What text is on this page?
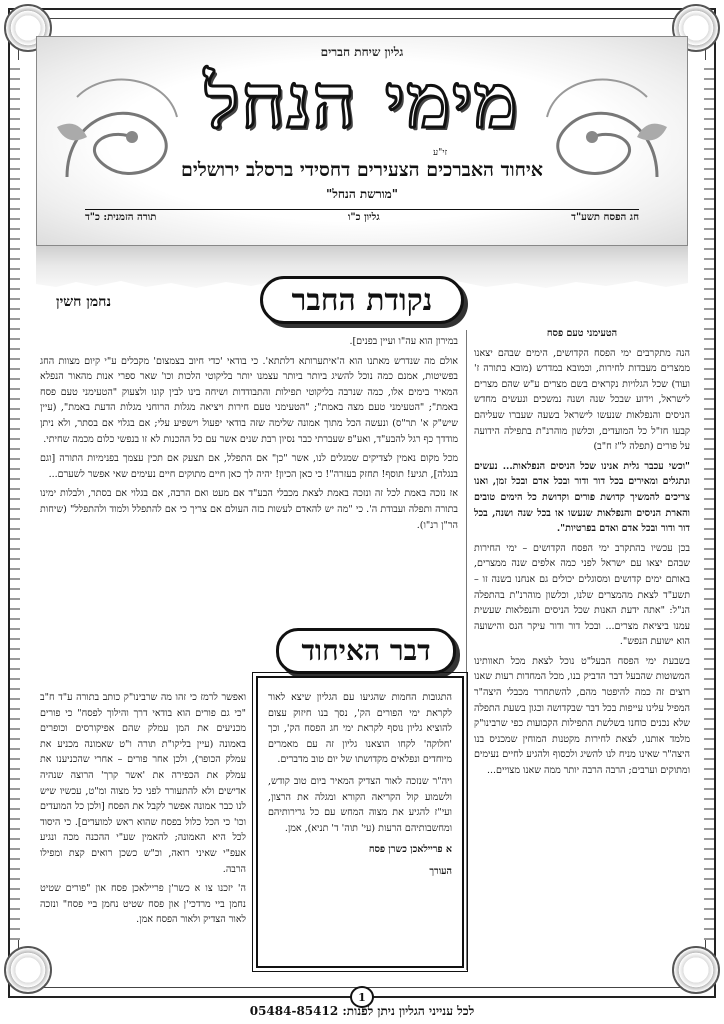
גליון שיחת חברים
מימי הנחל
זי"ע
איחוד האברכים הצעירים דחסידי ברסלב ירושלים
"מורשת הנחל"
חג הפסח תשע"ד
גליון כ"ו
תורה הזמנית: כ"ד
נקודת החבר
נחמן חשין
הטעימני טעם פסח

הנה מתקרבים ימי הפסח הקדושים, הימים שבהם יצאנו ממצרים מעבדות לחירות, וכמובא במדרש (מובא בתורה ז' ועוד) שכל הגלויות נקראים בשם מצרים ע"ש שהם מצרים לישראל, וידוע שבכל שנה ושנה נמשכים ונעשים מחדש הניסים והנפלאות שנעשו לישראל בשעה שעברו שעליהם קבעו חז"ל כל המועדים, וכלשון מוהרנ"ת בתפילה הידועה על פורים (תפלה ל"ז ח"ב)

"וכשי עכבר גלית אנינו שכל הניסים הנפלאות... נעשים ונתגלים ומאירים בכל דור ודור ובכל אדם ובכל זמן, ואנו צריכים להמשיך קדושת פורים וקדושת כל הימים טובים והארת הניסים והנפלאות שנעשו או בכל שנה ושנה, בכל דור ודור ובכל אדם ואדם בפרטיות".

בכן עכשיו בהתקרב ימי הפסח הקדושים – ימי החירות שבהם יצאו עם ישראל לפני כמה אלפים שנה ממצרים, באותם ימים קדושים ומסוגלים יכולים גם אנחנו בשנה זו – תשע"ד לצאת מהמצרים שלנו, וכלשון מוהרנ"ת בהתפלה הנ"ל: "אתה ידעת האנות שכל הניסים והנפלאות שעשית עמנו ביציאת מצרים... ובכל דור ודור עיקר הנס והישועה הוא ישועת הנפש".

בשבעת ימי הפסח הבעל"ט נוכל לצאת מכל תאוותינו המשוטות שהבעל דבר הדביק בנו, מכל המחדות רעות שאנו רוצים זה כמה להיפטר מהם, להשתחרר מכבלי היצה"ר המפיל עלינו עייפות בכל דבר שבקדושה וכגון בשעת התפלה שלא נכנים כוחנו בשלשת התפילות הקבועות כפי שרבינו"ק מלמד אותנו, לצאת לחירות מקטנות המוחין שמכניס בנו היצה"ר שאינו מניח לנו להשיג ולכסוף ולהגיע לחיים נעימים ומתוקים וערבים; הרבה הרבה יותר ממה שאנו מצויים...

במירון הוא עה"ו ועיין בפנים].

אולם מה שנדרש מאתנו הוא ה'איתערותא דלתתא'. כי בודאי 'כדי חיוב בצמצום' מקבלים ע"י קיום מצוות החג בפשיטות, אמנם כמה נוכל להשיג ביותר ביותר עצמנו יותר בליקוטי הלכות וכו' שאר ספרי אנות מהאור הנפלא המאיר בימים אלו, כמה שנרבה בליקוטי תפילות והתבודדות ושיחה בינו לבין קונו ולצעוק "הטעימני טעם פסח באמת"; "הטעימני טעם מצה באמת"; "הטעימני טעם חירות ויציאה מגלות הרוחני מגלות הדעת באמת", (עיין שיש"ק א' תר"ס) ונעשה הכל מתוך אמונה שלימה שזה בודאי יפעול וישפיע עלי; אם בגלוי אם בסתר, ולא ניתן מודדך כף רגל להבע"ד, ואע"פ שעברתי כבר נסיון רבת שנים אשר עם כל ההכנות לא זו בנפשי כלום מכמה שחיתי.

מכל מקום נאמין לצדיקים שמגלים לנו, אשר "כן" אם התפלל, אם תצעק אם תכין עצמך בפנימיות התורה [וגם בנגלה], תגיע! תוסף! תחזק בעזרה"! כי כאן הכיון! יהיה לך כאן חיים מתוקים חיים נעימים שאי אפשר לשערם...

אז נזכה באמת לכל זה ונזכה באמת לצאת מכבלי הבע"ד אם מעט ואם הרבה, אם בגלוי אם בסתר, ולבלות ימינו בתורה ותפלה ועבודת ה'. כי "מה יש להאדם לעשות בזה העולם אם צריך כי אם להתפלל ולמוד ולהתפלל" (שיחות הר"ן רנ"ו).

דבר האיחוד

ואפשר לרמז כי זהו מה שרבינו"ק כותב בתורה ע"ד ח"ב "כי גם פורים הוא בודאי דרך והילוך לפסח" כי פורים מכניעים את המן עמלק שהם אפיקורסים וכופרים באמונה (עיין בליקו"ת תורה ו"ט שאמונה מכניע את עמלק הכופר), ולכן אחר פורים – אחרי שהכניענו את עמלק את הכפירה את 'אשר קרך' הרוצה שנהיה אדישים ולא להתעורר לפני כל מצוה ומ"ט, עכשיו שיש לנו כבר אמונה אפשר לקבל את הפסח [ולכן כל המועדים וכו' כי הכל כלול בפסח שהוא ראש למועדים]. כי היסוד לכל היא האמונה; להאמין שע"י ההכנה מכה ונגיע אעפ"י שאיני רואה, וכ"ש כשכן רואים קצת ומפילו הרבה.

ה' יזכנו צו א כשר'ן פריילאכן פסח און "פורים שטיט נחמן ביי מרדכי'ן און פסח שטיט נחמן ביי פסח" ונזכה לאור הצדיק ולאור הפסח אמן.

התגובות החמות שהגיעו עם הגליון שיצא לאור לקראת ימי הפורים הק', נסך בנו חיזוק עצום להוציא גליון נוסף לקראת ימי חג הפסח הק', וכך 'חלוקה' לקחו הוצאנו גליון זה עם מאמרים מיוחדים ונפלאים מקדושתו של יום טוב מדברים.

ויה"ר שנזכה לאור הצדיק המאיר ביום טוב קודש, ולשמוע קול הקריאה הקורא ומגלה את הרצון, ועי"ז להגיע את מצוה המחש עם כל גרירותיהם ומחשבותיהם הרעות (עי' תוה' ד' תניא), אמן.

א פריילאכן כשרן פסח

העורך

1
לכל ענייני הגליון ניתן לפנות: 05484-85412
